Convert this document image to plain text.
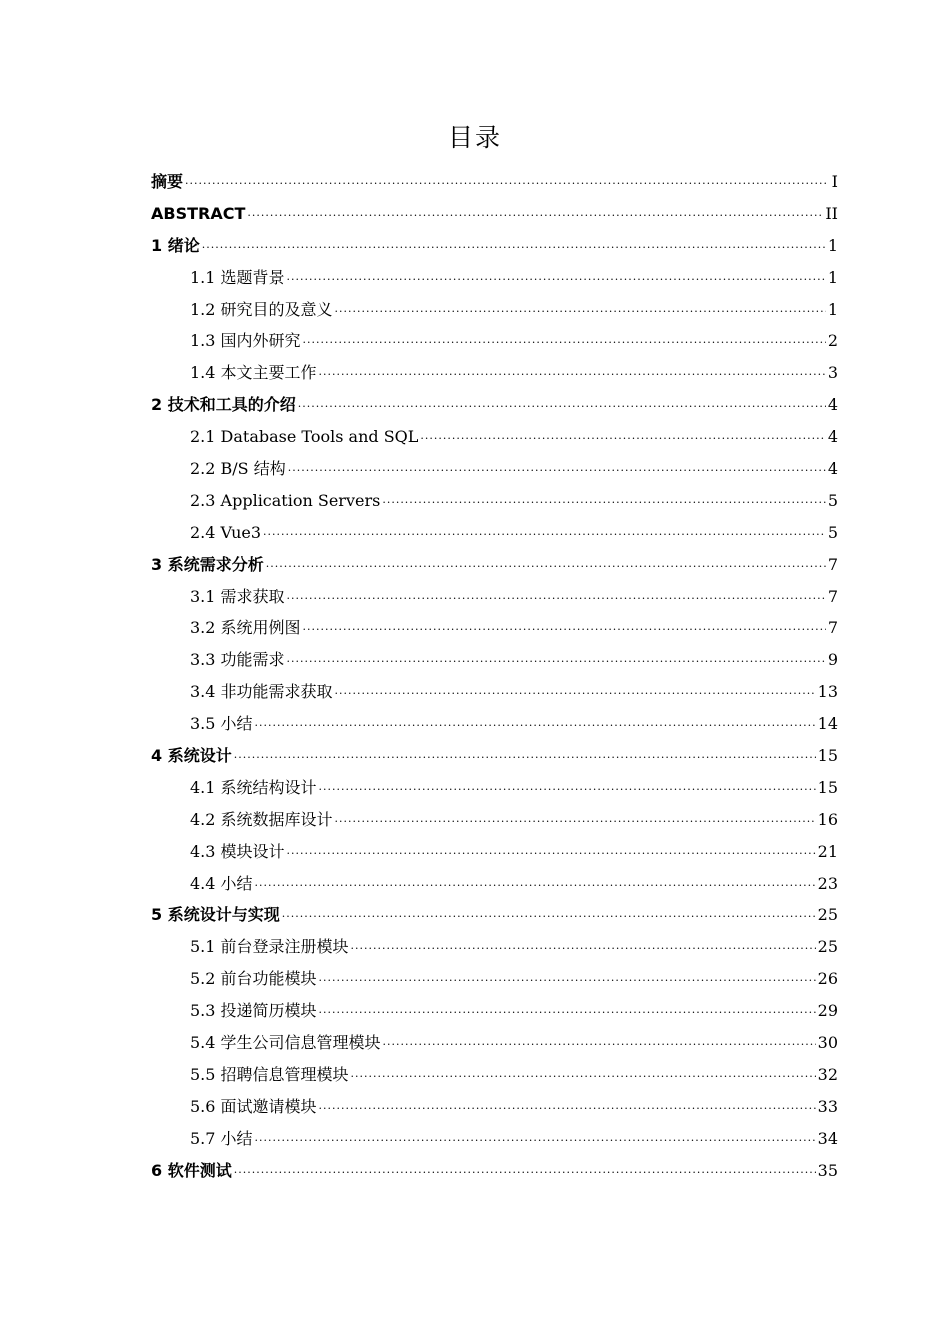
目录
摘要 ·····	I
ABSTRACT ·····	II
1 绪论 ·····	1
1.1 选题背景 ·····	1
1.2 研究目的及意义 ·····	1
1.3 国内外研究 ·····	2
1.4 本文主要工作 ·····	3
2 技术和工具的介绍 ·····	4
2.1 Database Tools and SQL ·····	4
2.2 B/S 结构 ·····	4
2.3 Application Servers ·····	5
2.4 Vue3 ·····	5
3 系统需求分析 ·····	7
3.1 需求获取 ·····	7
3.2 系统用例图 ·····	7
3.3 功能需求 ·····	9
3.4 非功能需求获取 ·····	13
3.5 小结 ·····	14
4 系统设计 ·····	15
4.1 系统结构设计 ·····	15
4.2 系统数据库设计 ·····	16
4.3 模块设计 ·····	21
4.4 小结 ·····	23
5 系统设计与实现 ·····	25
5.1 前台登录注册模块 ·····	25
5.2 前台功能模块 ·····	26
5.3 投递简历模块 ·····	29
5.4 学生公司信息管理模块 ·····	30
5.5 招聘信息管理模块 ·····	32
5.6 面试邀请模块 ·····	33
5.7 小结 ·····	34
6 软件测试 ·····	35
